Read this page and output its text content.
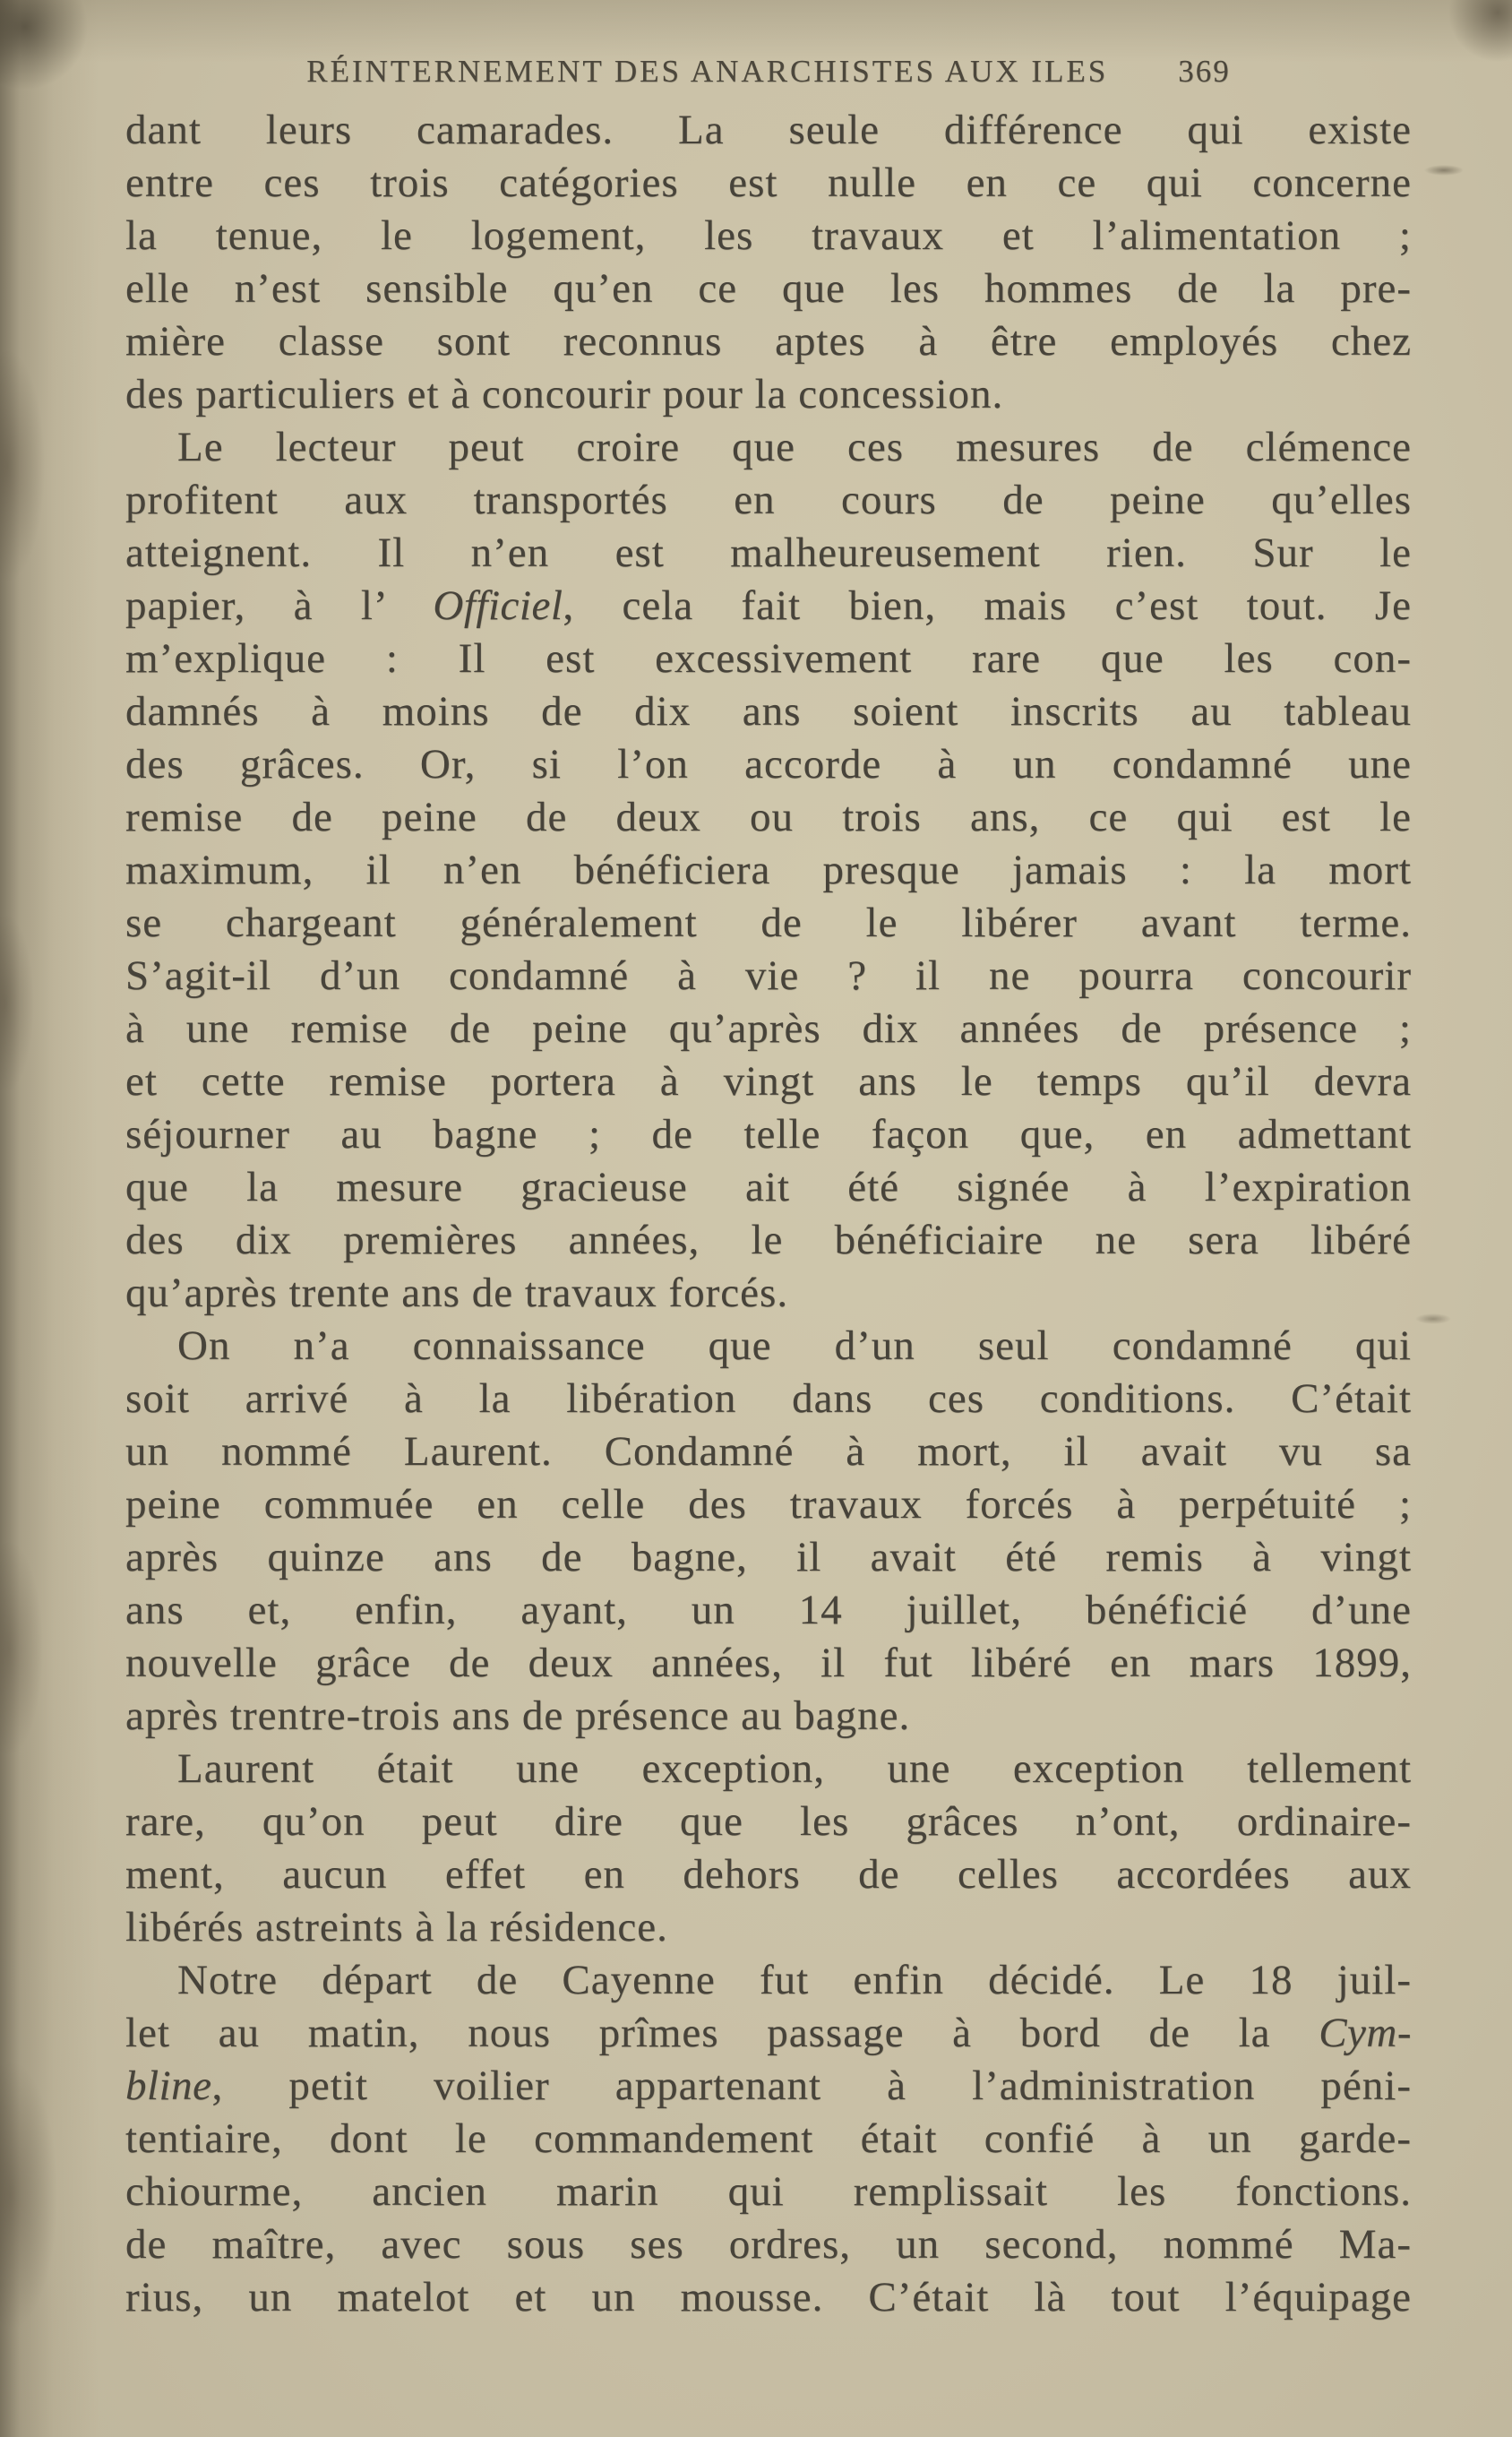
RÉINTERNEMENT DES ANARCHISTES AUX ILES 369
dant leurs camarades. La seule différence qui existe
entre ces trois catégories est nulle en ce qui concerne
la tenue, le logement, les travaux et l’alimentation ;
elle n’est sensible qu’en ce que les hommes de la pre-
mière classe sont reconnus aptes à être employés chez
des particuliers et à concourir pour la concession.
Le lecteur peut croire que ces mesures de clémence
profitent aux transportés en cours de peine qu’elles
atteignent. Il n’en est malheureusement rien. Sur le
papier, à l’ Officiel, cela fait bien, mais c’est tout. Je
m’explique : Il est excessivement rare que les con-
damnés à moins de dix ans soient inscrits au tableau
des grâces. Or, si l’on accorde à un condamné une
remise de peine de deux ou trois ans, ce qui est le
maximum, il n’en bénéficiera presque jamais : la mort
se chargeant généralement de le libérer avant terme.
S’agit-il d’un condamné à vie ? il ne pourra concourir
à une remise de peine qu’après dix années de présence ;
et cette remise portera à vingt ans le temps qu’il devra
séjourner au bagne ; de telle façon que, en admettant
que la mesure gracieuse ait été signée à l’expiration
des dix premières années, le bénéficiaire ne sera libéré
qu’après trente ans de travaux forcés.
On n’a connaissance que d’un seul condamné qui
soit arrivé à la libération dans ces conditions. C’était
un nommé Laurent. Condamné à mort, il avait vu sa
peine commuée en celle des travaux forcés à perpétuité ;
après quinze ans de bagne, il avait été remis à vingt
ans et, enfin, ayant, un 14 juillet, bénéficié d’une
nouvelle grâce de deux années, il fut libéré en mars 1899,
après trentre-trois ans de présence au bagne.
Laurent était une exception, une exception tellement
rare, qu’on peut dire que les grâces n’ont, ordinaire-
ment, aucun effet en dehors de celles accordées aux
libérés astreints à la résidence.
Notre départ de Cayenne fut enfin décidé. Le 18 juil-
let au matin, nous prîmes passage à bord de la Cym-
bline, petit voilier appartenant à l’administration péni-
tentiaire, dont le commandement était confié à un garde-
chiourme, ancien marin qui remplissait les fonctions.
de maître, avec sous ses ordres, un second, nommé Ma-
rius, un matelot et un mousse. C’était là tout l’équipage
